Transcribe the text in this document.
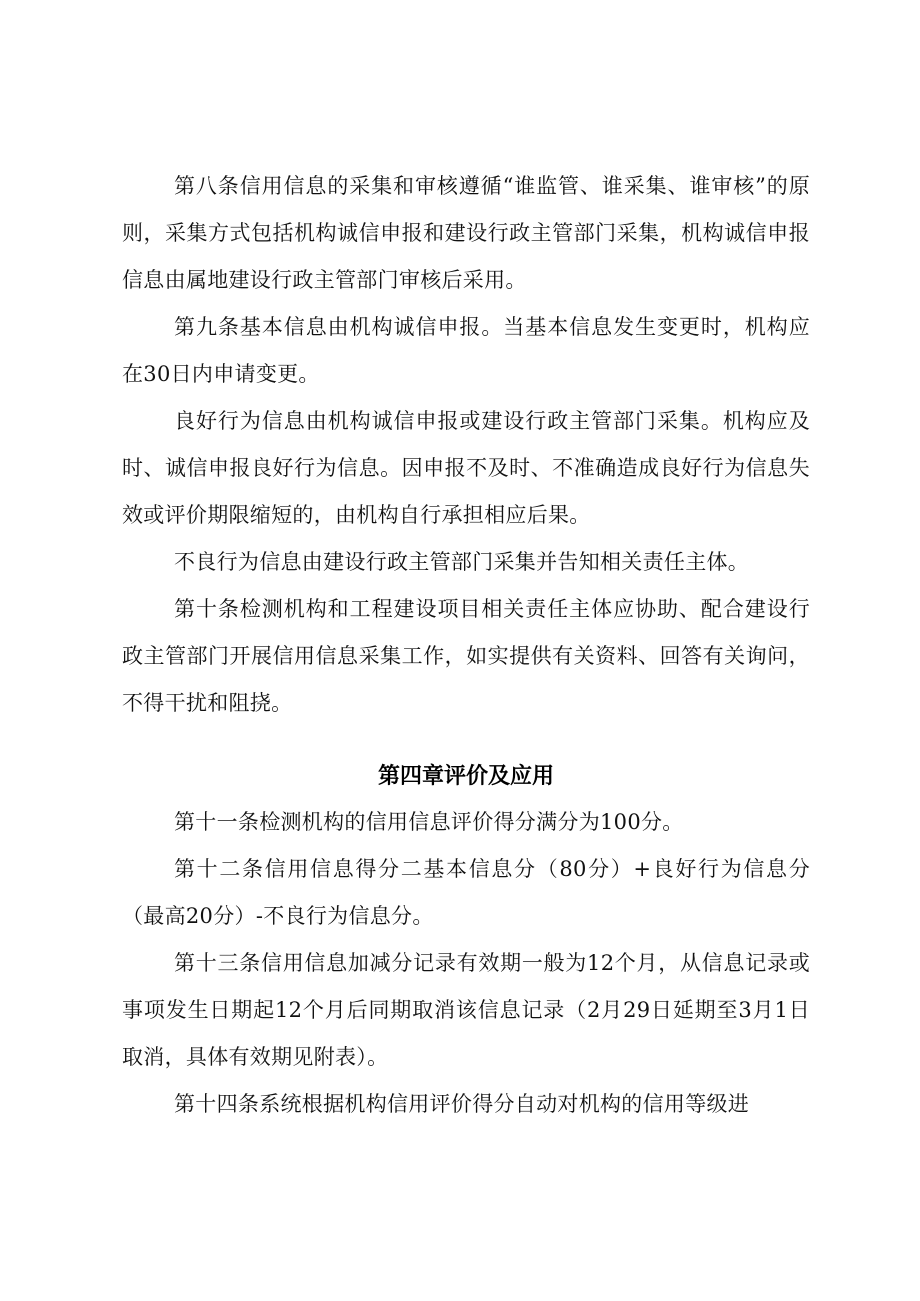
第八条信用信息的采集和审核遵循“谁监管、谁采集、谁审核”的原则，采集方式包括机构诚信申报和建设行政主管部门采集，机构诚信申报信息由属地建设行政主管部门审核后采用。

第九条基本信息由机构诚信申报。当基本信息发生变更时，机构应在30日内申请变更。

良好行为信息由机构诚信申报或建设行政主管部门采集。机构应及时、诚信申报良好行为信息。因申报不及时、不准确造成良好行为信息失效或评价期限缩短的，由机构自行承担相应后果。

不良行为信息由建设行政主管部门采集并告知相关责任主体。

第十条检测机构和工程建设项目相关责任主体应协助、配合建设行政主管部门开展信用信息采集工作，如实提供有关资料、回答有关询问，不得干扰和阻挠。

第四章评价及应用

第十一条检测机构的信用信息评价得分满分为100分。

第十二条信用信息得分二基本信息分（80分）+良好行为信息分（最高20分）-不良行为信息分。

第十三条信用信息加减分记录有效期一般为12个月，从信息记录或事项发生日期起12个月后同期取消该信息记录（2月29日延期至3月1日取消，具体有效期见附表）。

第十四条系统根据机构信用评价得分自动对机构的信用等级进
